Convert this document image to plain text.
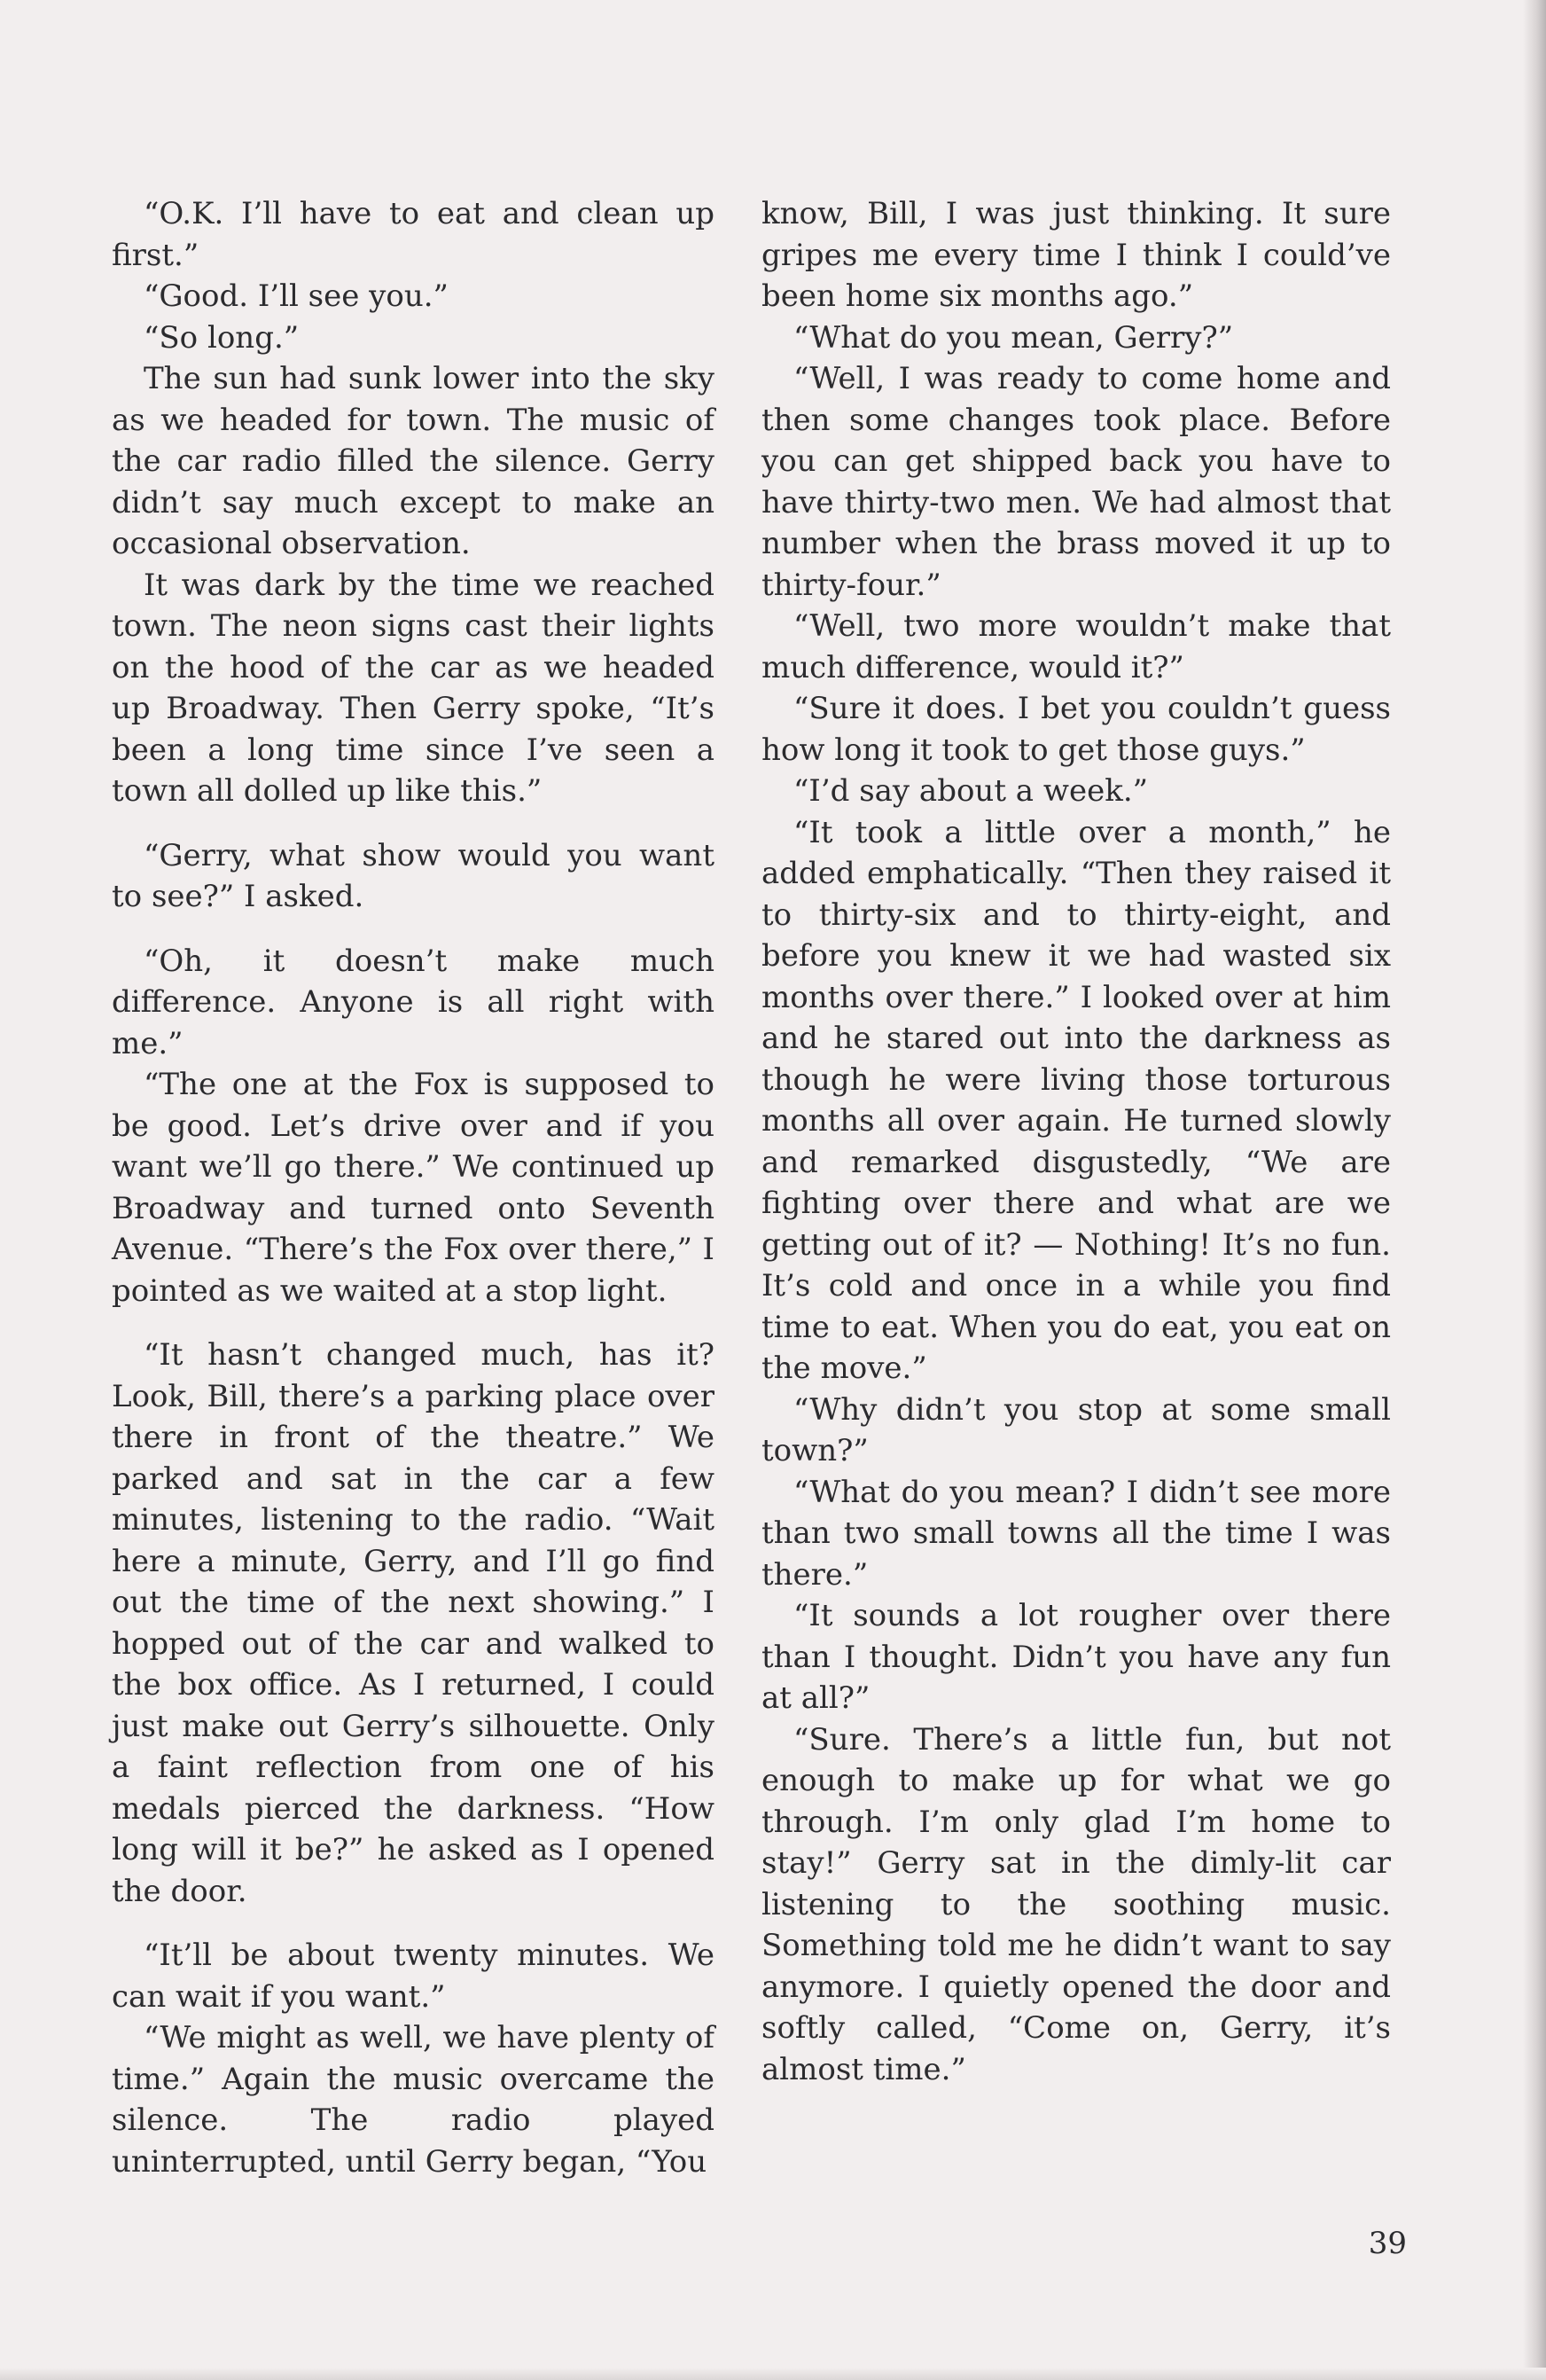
“O.K. I’ll have to eat and clean up first.”

“Good. I’ll see you.”

“So long.”

The sun had sunk lower into the sky as we headed for town. The music of the car radio filled the silence. Gerry didn’t say much except to make an occasional observation.

It was dark by the time we reached town. The neon signs cast their lights on the hood of the car as we headed up Broadway. Then Gerry spoke, “It’s been a long time since I’ve seen a town all dolled up like this.”

“Gerry, what show would you want to see?” I asked.

“Oh, it doesn’t make much difference. Anyone is all right with me.”

“The one at the Fox is supposed to be good. Let’s drive over and if you want we’ll go there.” We continued up Broadway and turned onto Seventh Avenue. “There’s the Fox over there,” I pointed as we waited at a stop light.

“It hasn’t changed much, has it? Look, Bill, there’s a parking place over there in front of the theatre.” We parked and sat in the car a few minutes, listening to the radio. “Wait here a minute, Gerry, and I’ll go find out the time of the next showing.” I hopped out of the car and walked to the box office. As I returned, I could just make out Gerry’s silhouette. Only a faint reflection from one of his medals pierced the darkness. “How long will it be?” he asked as I opened the door.

“It’ll be about twenty minutes. We can wait if you want.”

“We might as well, we have plenty of time.” Again the music overcame the silence. The radio played uninterrupted, until Gerry began, “You

know, Bill, I was just thinking. It sure gripes me every time I think I could’ve been home six months ago.”

“What do you mean, Gerry?”

“Well, I was ready to come home and then some changes took place. Before you can get shipped back you have to have thirty-two men. We had almost that number when the brass moved it up to thirty-four.”

“Well, two more wouldn’t make that much difference, would it?”

“Sure it does. I bet you couldn’t guess how long it took to get those guys.”

“I’d say about a week.”

“It took a little over a month,” he added emphatically. “Then they raised it to thirty-six and to thirty-eight, and before you knew it we had wasted six months over there.” I looked over at him and he stared out into the darkness as though he were living those torturous months all over again. He turned slowly and remarked disgustedly, “We are fighting over there and what are we getting out of it? — Nothing! It’s no fun. It’s cold and once in a while you find time to eat. When you do eat, you eat on the move.”

“Why didn’t you stop at some small town?”

“What do you mean? I didn’t see more than two small towns all the time I was there.”

“It sounds a lot rougher over there than I thought. Didn’t you have any fun at all?”

“Sure. There’s a little fun, but not enough to make up for what we go through. I’m only glad I’m home to stay!” Gerry sat in the dimly-lit car listening to the soothing music. Something told me he didn’t want to say anymore. I quietly opened the door and softly called, “Come on, Gerry, it’s almost time.”

39
